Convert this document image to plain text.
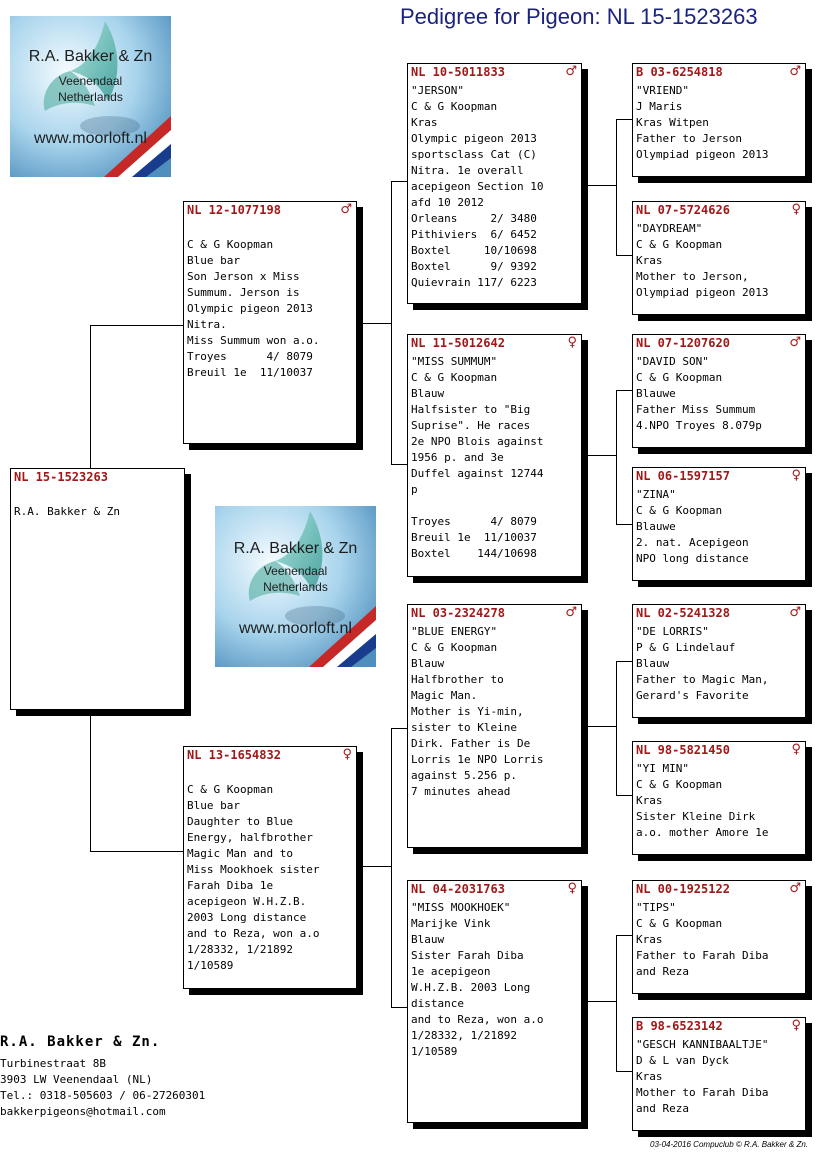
Pedigree for Pigeon: NL 15-1523263
R.A. Bakker & Zn
Veenendaal
Netherlands
www.moorloft.nl
R.A. Bakker & Zn
Veenendaal
Netherlands
www.moorloft.nl
NL 15-1523263

R.A. Bakker & Zn
NL 12-1077198	♂

C & G Koopman
Blue bar
Son Jerson x Miss
Summum. Jerson is
Olympic pigeon 2013
Nitra.
Miss Summum won a.o.
Troyes      4/ 8079
Breuil 1e  11/10037
NL 13-1654832	♀

C & G Koopman
Blue bar
Daughter to Blue
Energy, halfbrother
Magic Man and to
Miss Mookhoek sister
Farah Diba 1e
acepigeon W.H.Z.B.
2003 Long distance
and to Reza, won a.o
1/28332, 1/21892
1/10589
NL 10-5011833	♂
"JERSON"
C & G Koopman
Kras
Olympic pigeon 2013
sportsclass Cat (C)
Nitra. 1e overall
acepigeon Section 10
afd 10 2012
Orleans     2/ 3480
Pithiviers  6/ 6452
Boxtel     10/10698
Boxtel      9/ 9392
Quievrain 117/ 6223
NL 11-5012642	♀
"MISS SUMMUM"
C & G Koopman
Blauw
Halfsister to "Big
Suprise". He races
2e NPO Blois against
1956 p. and 3e
Duffel against 12744
p

Troyes      4/ 8079
Breuil 1e  11/10037
Boxtel    144/10698
NL 03-2324278	♂
"BLUE ENERGY"
C & G Koopman
Blauw
Halfbrother to
Magic Man.
Mother is Yi-min,
sister to Kleine
Dirk. Father is De
Lorris 1e NPO Lorris
against 5.256 p.
7 minutes ahead
NL 04-2031763	♀
"MISS MOOKHOEK"
Marijke Vink
Blauw
Sister Farah Diba
1e acepigeon
W.H.Z.B. 2003 Long
distance
and to Reza, won a.o
1/28332, 1/21892
1/10589
B 03-6254818	♂
"VRIEND"
J Maris
Kras Witpen
Father to Jerson
Olympiad pigeon 2013
NL 07-5724626	♀
"DAYDREAM"
C & G Koopman
Kras
Mother to Jerson,
Olympiad pigeon 2013
NL 07-1207620	♂
"DAVID SON"
C & G Koopman
Blauwe
Father Miss Summum
4.NPO Troyes 8.079p
NL 06-1597157	♀
"ZINA"
C & G Koopman
Blauwe
2. nat. Acepigeon
NPO long distance
NL 02-5241328	♂
"DE LORRIS"
P & G Lindelauf
Blauw
Father to Magic Man,
Gerard's Favorite
NL 98-5821450	♀
"YI MIN"
C & G Koopman
Kras
Sister Kleine Dirk
a.o. mother Amore 1e
NL 00-1925122	♂
"TIPS"
C & G Koopman
Kras
Father to Farah Diba
and Reza
B 98-6523142	♀
"GESCH KANNIBAALTJE"
D & L van Dyck
Kras
Mother to Farah Diba
and Reza
R.A. Bakker & Zn.
Turbinestraat 8B
3903 LW Veenendaal (NL)
Tel.: 0318-505603 / 06-27260301
bakkerpigeons@hotmail.com
03-04-2016 Compuclub © R.A. Bakker & Zn.
